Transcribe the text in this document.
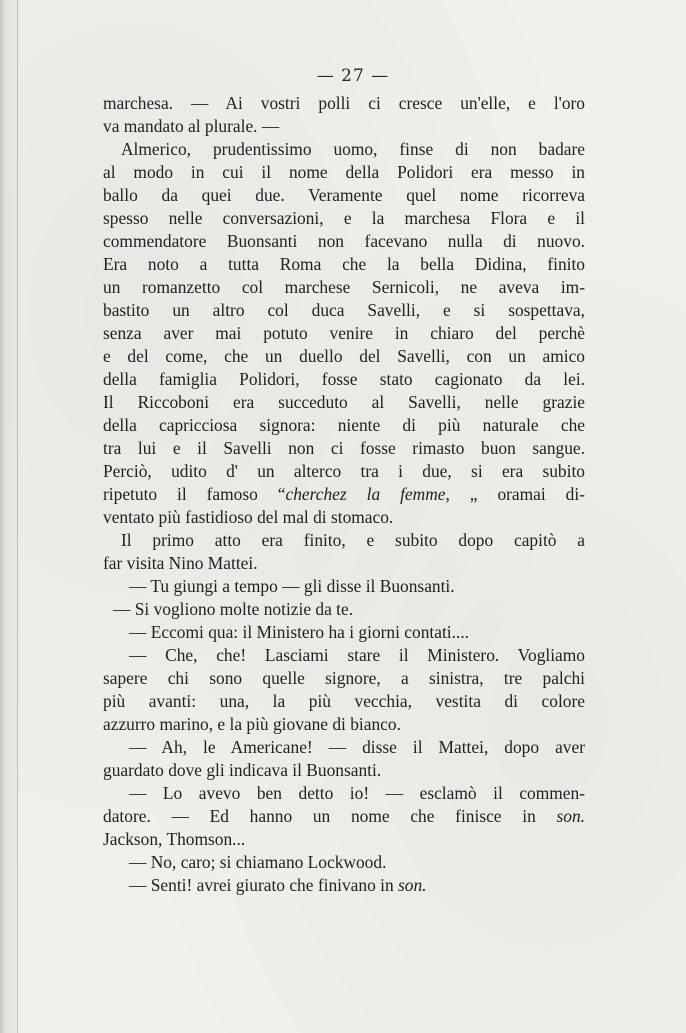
— 27 —
marchesa. — Ai vostri polli ci cresce un'elle, e l'oro
va mandato al plurale. —
Almerico, prudentissimo uomo, finse di non badare
al modo in cui il nome della Polidori era messo in
ballo da quei due. Veramente quel nome ricorreva
spesso nelle conversazioni, e la marchesa Flora e il
commendatore Buonsanti non facevano nulla di nuovo.
Era noto a tutta Roma che la bella Didina, finito
un romanzetto col marchese Sernicoli, ne aveva im-
bastito un altro col duca Savelli, e si sospettava,
senza aver mai potuto venire in chiaro del perchè
e del come, che un duello del Savelli, con un amico
della famiglia Polidori, fosse stato cagionato da lei.
Il Riccoboni era succeduto al Savelli, nelle grazie
della capricciosa signora: niente di più naturale che
tra lui e il Savelli non ci fosse rimasto buon sangue.
Perciò, udito d' un alterco tra i due, si era subito
ripetuto il famoso “cherchez la femme, „ oramai di-
ventato più fastidioso del mal di stomaco.
Il primo atto era finito, e subito dopo capitò a
far visita Nino Mattei.
— Tu giungi a tempo — gli disse il Buonsanti.
— Si vogliono molte notizie da te.
— Eccomi qua: il Ministero ha i giorni contati....
— Che, che! Lasciami stare il Ministero. Vogliamo
sapere chi sono quelle signore, a sinistra, tre palchi
più avanti: una, la più vecchia, vestita di colore
azzurro marino, e la più giovane di bianco.
— Ah, le Americane! — disse il Mattei, dopo aver
guardato dove gli indicava il Buonsanti.
— Lo avevo ben detto io! — esclamò il commen-
datore. — Ed hanno un nome che finisce in son.
Jackson, Thomson...
— No, caro; si chiamano Lockwood.
— Senti! avrei giurato che finivano in son.
